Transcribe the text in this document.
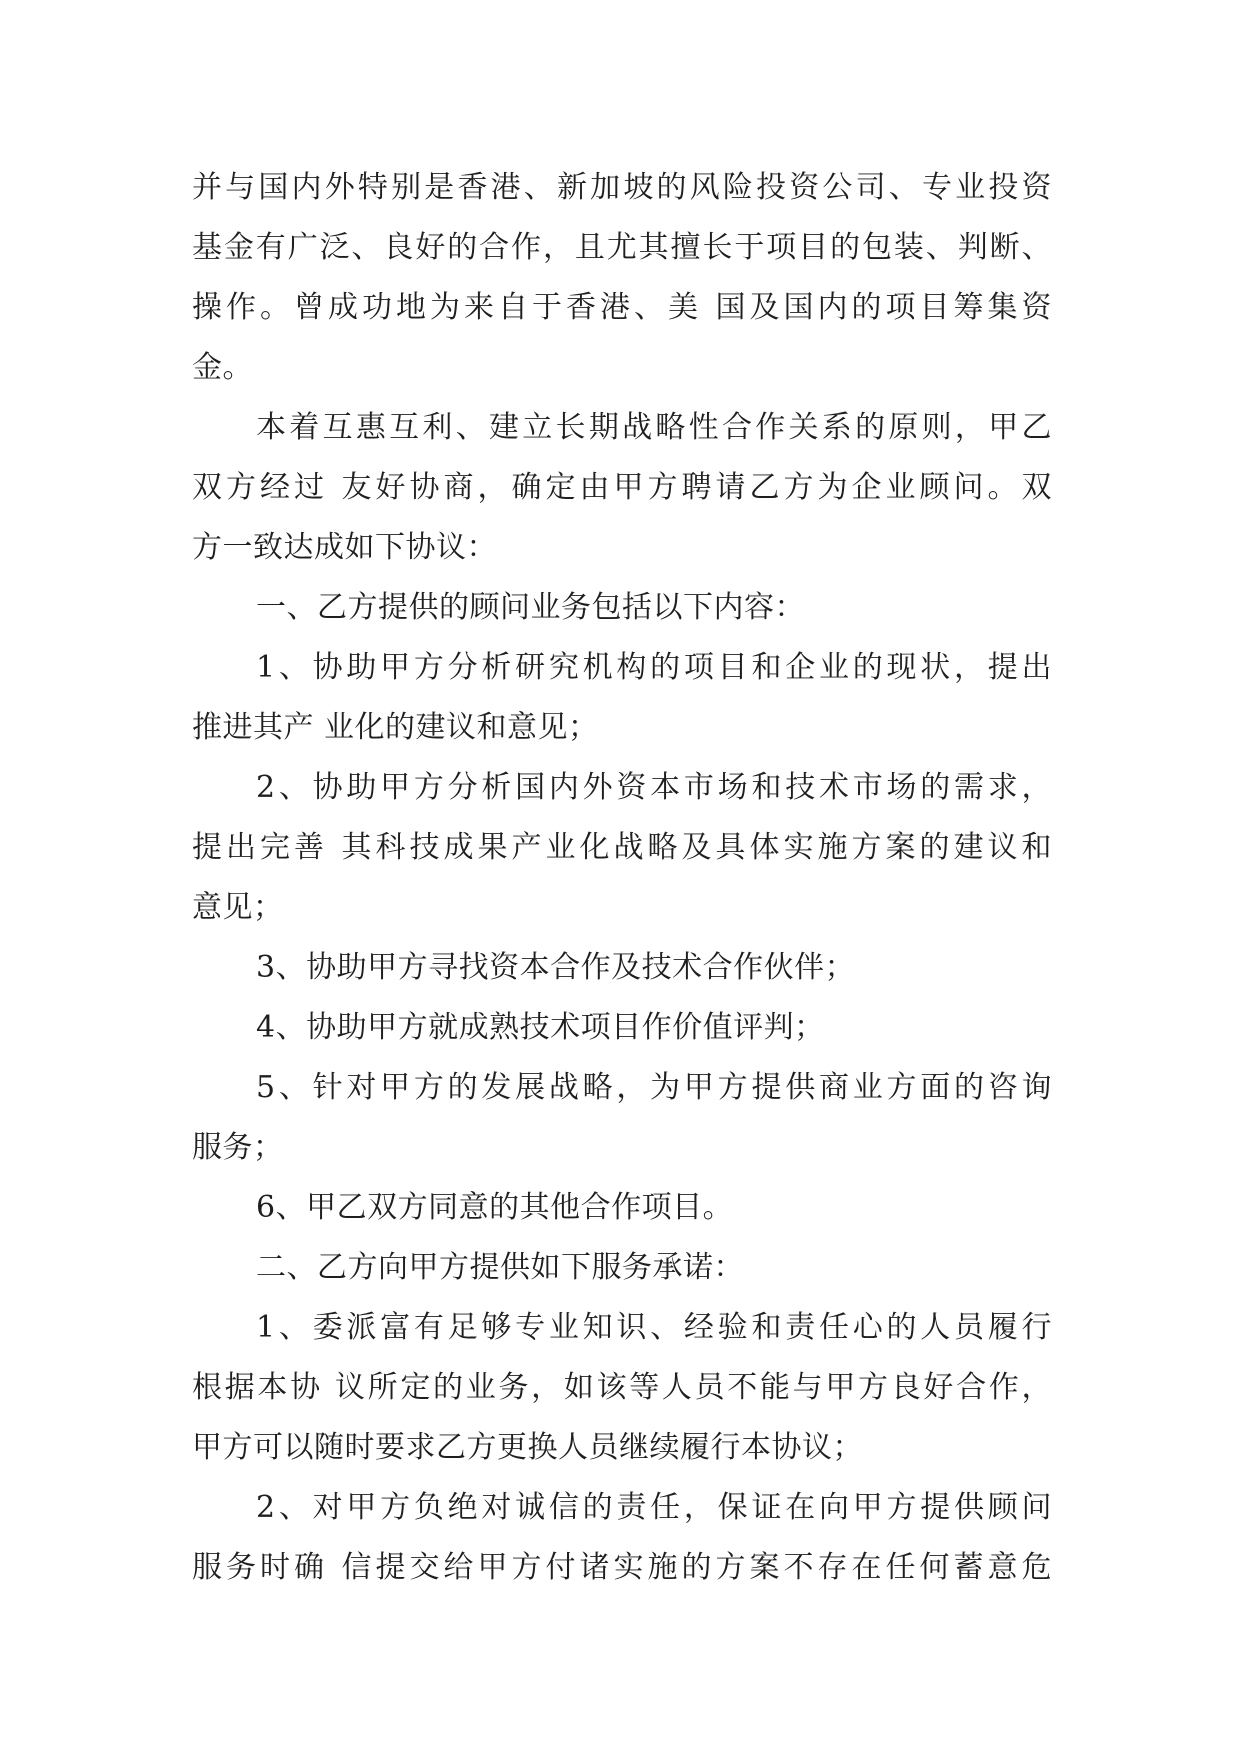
并与国内外特别是香港、新加坡的风险投资公司、专业投资
基金有广泛、良好的合作，且尤其擅长于项目的包装、判断、
操作。曾成功地为来自于香港、美 国及国内的项目筹集资
金。
本着互惠互利、建立长期战略性合作关系的原则，甲乙
双方经过 友好协商，确定由甲方聘请乙方为企业顾问。双
方一致达成如下协议：
一、乙方提供的顾问业务包括以下内容：
1、协助甲方分析研究机构的项目和企业的现状，提出
推进其产 业化的建议和意见；
2、协助甲方分析国内外资本市场和技术市场的需求，
提出完善 其科技成果产业化战略及具体实施方案的建议和
意见；
3、协助甲方寻找资本合作及技术合作伙伴；
4、协助甲方就成熟技术项目作价值评判；
5、针对甲方的发展战略，为甲方提供商业方面的咨询
服务；
6、甲乙双方同意的其他合作项目。
二、乙方向甲方提供如下服务承诺：
1、委派富有足够专业知识、经验和责任心的人员履行
根据本协 议所定的业务，如该等人员不能与甲方良好合作，
甲方可以随时要求乙方更换人员继续履行本协议；
2、对甲方负绝对诚信的责任，保证在向甲方提供顾问
服务时确 信提交给甲方付诸实施的方案不存在任何蓄意危
